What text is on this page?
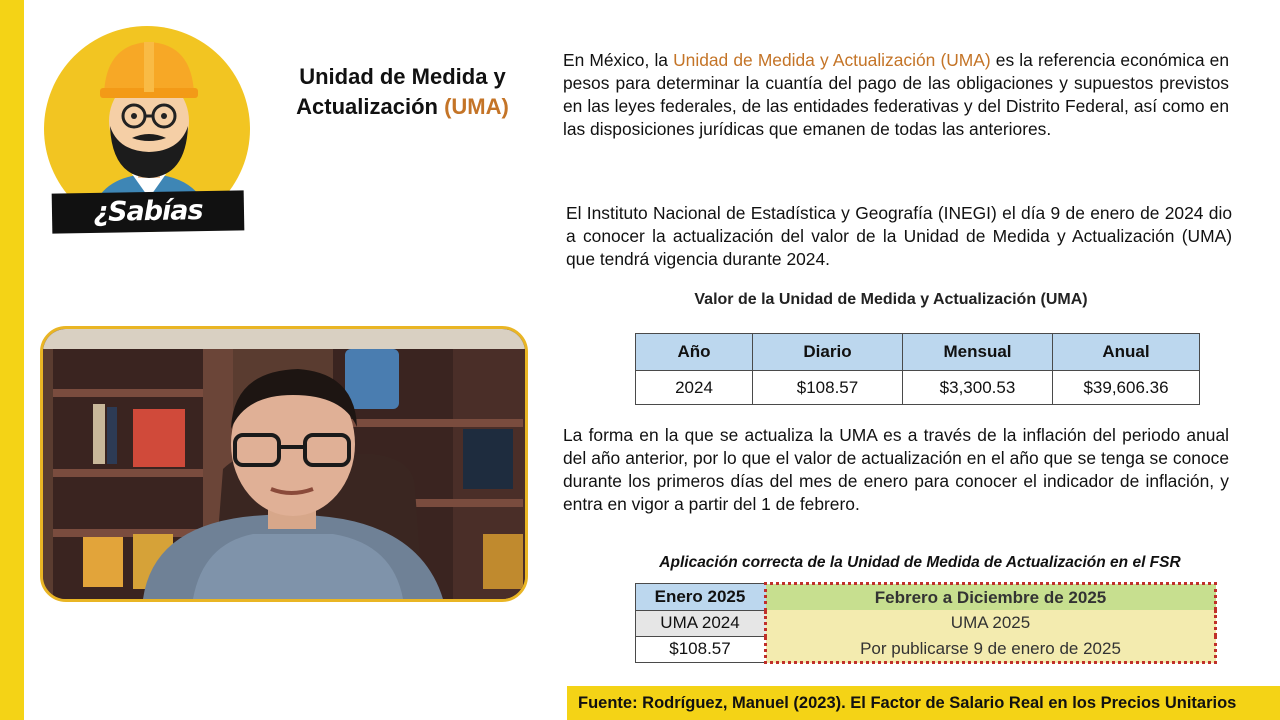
¿Sabías qué..?
Unidad de Medida y
Actualización (UMA)
En México, la Unidad de Medida y Actualización (UMA) es la referencia económica en pesos para determinar la cuantía del pago de las obligaciones y supuestos previstos en las leyes federales, de las entidades federativas y del Distrito Federal, así como en las disposiciones jurídicas que emanen de todas las anteriores.
El Instituto Nacional de Estadística y Geografía (INEGI) el día 9 de enero de 2024 dio a conocer la actualización del valor de la Unidad de Medida y Actualización (UMA) que tendrá vigencia durante 2024.
Valor de la Unidad de Medida y Actualización (UMA)
Año	Diario	Mensual	Anual
2024	$108.57	$3,300.53	$39,606.36
La forma en la que se actualiza la UMA es a través de la inflación del periodo anual del año anterior, por lo que el valor de actualización en el año que se tenga se conoce durante los primeros días del mes de enero para conocer el indicador de inflación, y entra en vigor a partir del 1 de febrero.
Aplicación correcta de la Unidad de Medida de Actualización en el FSR
Enero 2025	Febrero a Diciembre de 2025
UMA 2024	UMA 2025
$108.57	Por publicarse 9 de enero de 2025
Fuente: Rodríguez, Manuel (2023). El Factor de Salario Real en los Precios Unitarios
